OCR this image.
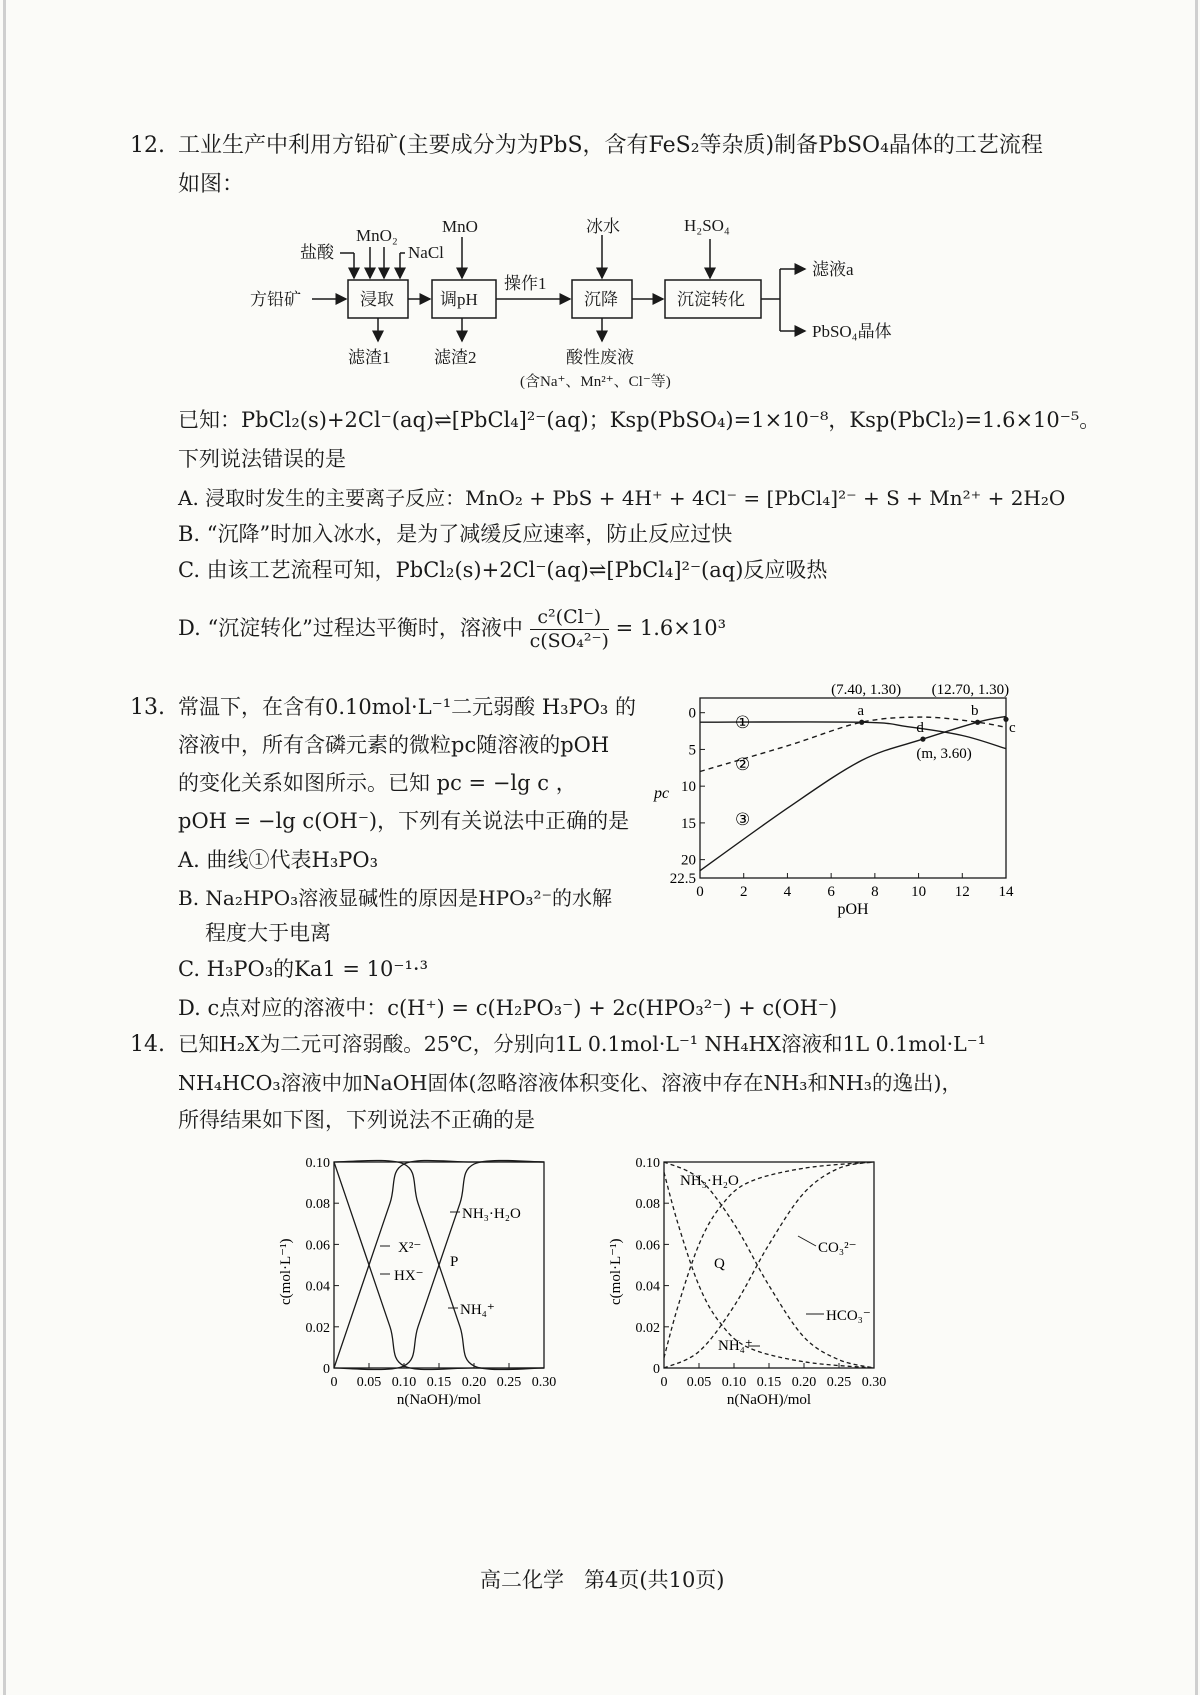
12. 工业生产中利用方铅矿(主要成分为为PbS，含有FeS₂等杂质)制备PbSO₄晶体的工艺流程
如图：
方铅矿
盐酸
MnO₂
NaCl
浸取
滤渣1
MnO
调pH
滤渣2
操作1
冰水
沉降
酸性废液
(含Na⁺、Mn²⁺、Cl⁻等)
H₂SO₄
沉淀转化
滤液a
PbSO₄晶体
已知：PbCl₂(s)+2Cl⁻(aq)⇌[PbCl₄]²⁻(aq)；Ksp(PbSO₄)=1×10⁻⁸，Ksp(PbCl₂)=1.6×10⁻⁵。
下列说法错误的是
A. 浸取时发生的主要离子反应：MnO₂ + PbS + 4H⁺ + 4Cl⁻ = [PbCl₄]²⁻ + S + Mn²⁺ + 2H₂O
B. “沉降”时加入冰水，是为了减缓反应速率，防止反应过快
C. 由该工艺流程可知，PbCl₂(s)+2Cl⁻(aq)⇌[PbCl₄]²⁻(aq)反应吸热
D. “沉淀转化”过程达平衡时，溶液中 $\frac{\text{c²(Cl⁻)}}{\text{c(SO₄²⁻)}} = 1.6\times 10^3$
13. 常温下，在含有0.10mol·L⁻¹二元弱酸 H₃PO₃ 的
溶液中，所有含磷元素的微粒pc随溶液的pOH
的变化关系如图所示。已知 pc = −lg c ，
pOH = −lg c(OH⁻)，下列有关说法中正确的是
A. 曲线①代表H₃PO₃
B. Na₂HPO₃溶液显碱性的原因是HPO₃²⁻的水解
程度大于电离
C. H₃PO₃的Ka1 = 10⁻¹·³
D. c点对应的溶液中：c(H⁺) = c(H₂PO₃⁻) + 2c(HPO₃²⁻) + c(OH⁻)
0 2 4 6 8 10 12 14
0
5
10
15
20
22.5
pOH
pc
①
②
③
(7.40, 1.30) (12.70, 1.30)
(m, 3.60)
a	b
c
d
14. 已知H₂X为二元可溶弱酸。25℃，分别向1L 0.1mol·L⁻¹ NH₄HX溶液和1L 0.1mol·L⁻¹
NH₄HCO₃溶液中加NaOH固体(忽略溶液体积变化、溶液中存在NH₃和NH₃的逸出)，
所得结果如下图，下列说法不正确的是
0 0.05 0.10 0.15 0.20 0.25 0.30
0
0.02
0.04
0.06
0.08
0.10
n(NaOH)/mol
c(mol·L⁻¹)	X²⁻
HX⁻
NH₃·H₂O
NH₄⁺
P
0 0.05 0.10 0.15 0.20 0.25 0.30
0
0.02
0.04
0.06
0.08
0.10
n(NaOH)/mol
c(mol·L⁻¹)
NH₃·H₂O
CO₃²⁻
Q
HCO₃⁻
NH₄⁺
高二化学   第4页(共10页)
